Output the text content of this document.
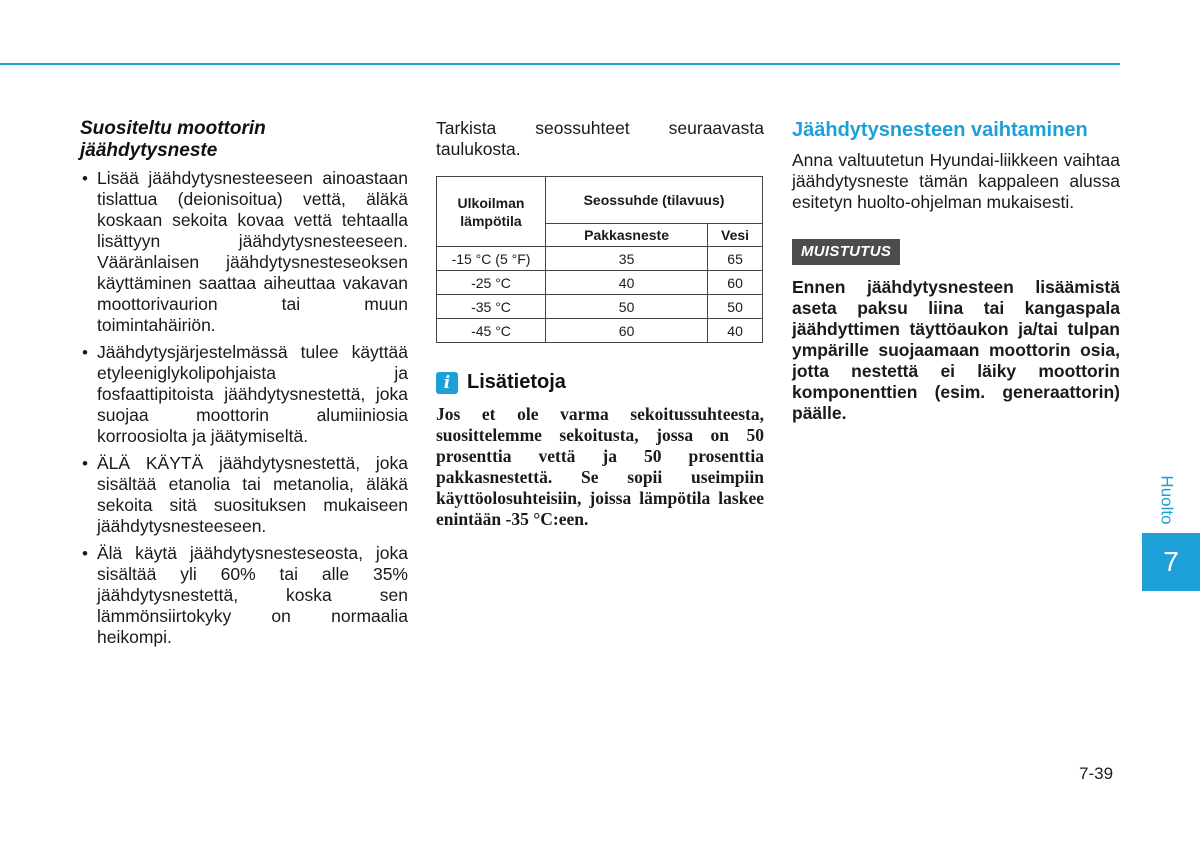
Suositeltu moottorin
jäähdytysneste
• Lisää jäähdytysnesteeseen ainoastaan tislattua (deionisoitua) vettä, äläkä koskaan sekoita kovaa vettä tehtaalla lisättyyn jäähdytysnesteeseen. Vääränlaisen jäähdytysnesteseoksen käyttäminen saattaa aiheuttaa vakavan moottorivaurion tai muun toimintahäiriön.
• Jäähdytysjärjestelmässä tulee käyttää etyleeniglykolipohjaista ja fosfaattipitoista jäähdytysnestettä, joka suojaa moottorin alumiiniosia korroosiolta ja jäätymiseltä.
• ÄLÄ KÄYTÄ jäähdytysnestettä, joka sisältää etanolia tai metanolia, äläkä sekoita sitä suosituksen mukaiseen jäähdytysnesteeseen.
• Älä käytä jäähdytysnesteseosta, joka sisältää yli 60% tai alle 35% jäähdytysnestettä, koska sen lämmönsiirtokyky on normaalia heikompi.

Tarkista seossuhteet seuraavasta taulukosta.

Ulkoilman lämpötila	Seossuhde (tilavuus)	
	Pakkasneste	Vesi
-15 °C (5 °F)	35	65
-25 °C	40	60
-35 °C	50	50
-45 °C	60	40
i Lisätietoja

Jos et ole varma sekoitussuhteesta, suosittelemme sekoitusta, jossa on 50 prosenttia vettä ja 50 prosenttia pakkasnestettä. Se sopii useimpiin käyttöolosuhteisiin, joissa lämpötila laskee enintään -35 °C:een.

Jäähdytysnesteen vaihtaminen

Anna valtuutetun Hyundai-liikkeen vaihtaa jäähdytysneste tämän kappaleen alussa esitetyn huolto-ohjelman mukaisesti.

MUISTUTUS

Ennen jäähdytysnesteen lisäämistä aseta paksu liina tai kangaspala jäähdyttimen täyttöaukon ja/tai tulpan ympärille suojaamaan moottorin osia, jotta nestettä ei läiky moottorin komponenttien (esim. generaattorin) päälle.

Huolto
7
7-39
